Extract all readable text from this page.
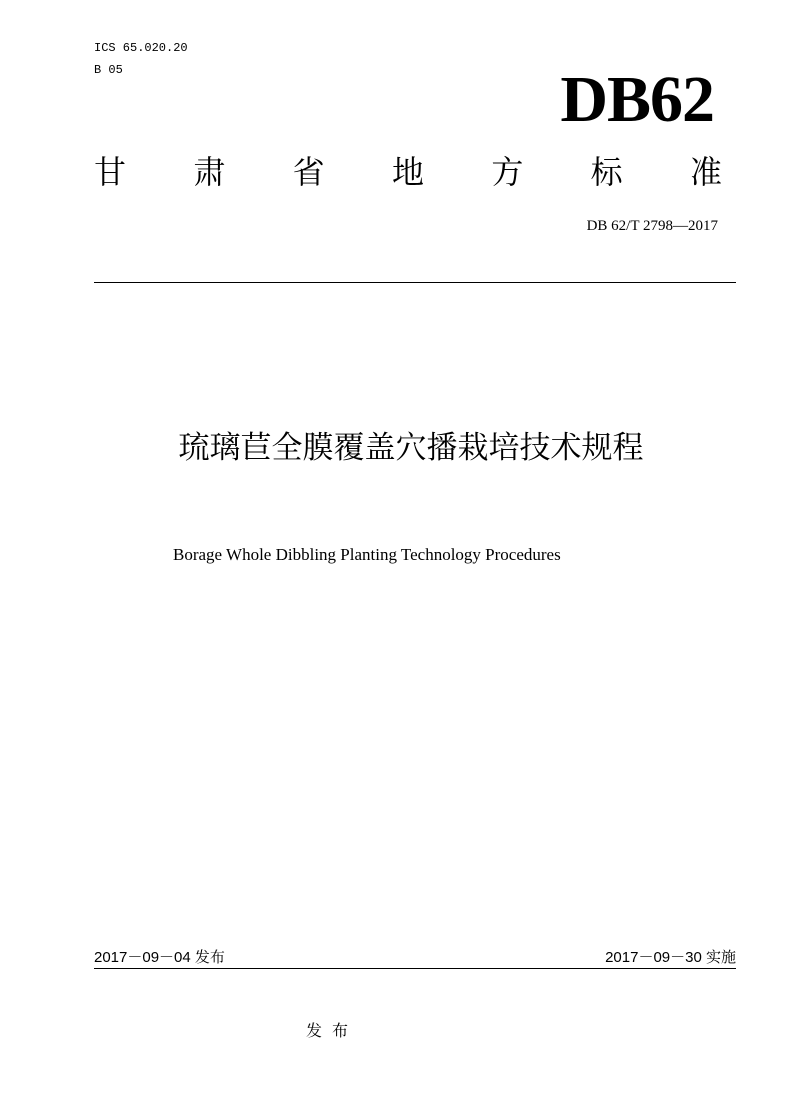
ICS 65.020.20
B 05	DB62
甘 肃 省 地 方 标 准
DB 62/T 2798—2017
琉璃苣全膜覆盖穴播栽培技术规程
Borage Whole Dibbling Planting Technology Procedures
2017－09－04 发布	2017－09－30 实施
发布
